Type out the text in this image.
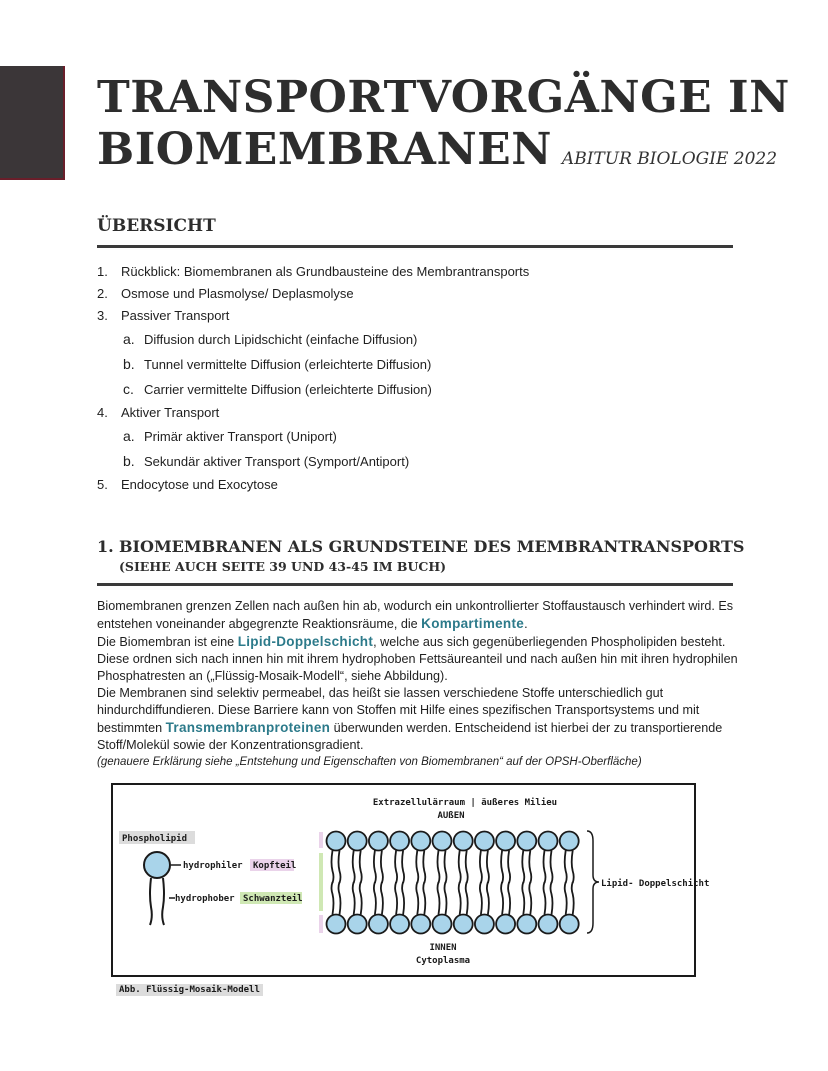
TRANSPORTVORGÄNGE IN
BIOMEMBRANEN ABITUR BIOLOGIE 2022
ÜBERSICHT
1. Rückblick: Biomembranen als Grundbausteine des Membrantransports
2. Osmose und Plasmolyse/ Deplasmolyse
3. Passiver Transport
a. Diffusion durch Lipidschicht (einfache Diffusion)
b. Tunnel vermittelte Diffusion (erleichterte Diffusion)
c. Carrier vermittelte Diffusion (erleichterte Diffusion)
4. Aktiver Transport
a. Primär aktiver Transport (Uniport)
b. Sekundär aktiver Transport (Symport/Antiport)
5. Endocytose und Exocytose
1. BIOMEMBRANEN ALS GRUNDSTEINE DES MEMBRANTRANSPORTS
(SIEHE AUCH SEITE 39 UND 43-45 IM BUCH)

Biomembranen grenzen Zellen nach außen hin ab, wodurch ein unkontrollierter Stoffaustausch verhindert wird. Es entstehen voneinander abgegrenzte Reaktionsräume, die Kompartimente.

Die Biomembran ist eine Lipid-Doppelschicht, welche aus sich gegenüberliegenden Phospholipiden besteht. Diese ordnen sich nach innen hin mit ihrem hydrophoben Fettsäureanteil und nach außen hin mit ihren hydrophilen Phosphatresten an („Flüssig-Mosaik-Modell“, siehe Abbildung).

Die Membranen sind selektiv permeabel, das heißt sie lassen verschiedene Stoffe unterschiedlich gut hindurchdiffundieren. Diese Barriere kann von Stoffen mit Hilfe eines spezifischen Transportsystems und mit bestimmten Transmembranproteinen überwunden werden. Entscheidend ist hierbei der zu transportierende Stoff/Molekül sowie der Konzentrationsgradient.

(genauere Erklärung siehe „Entstehung und Eigenschaften von Biomembranen“ auf der OPSH-Oberfläche)

Extrazellulärraum | äußeres Milieu
AUßEN
Phospholipid
hydrophiler Kopfteil
hydrophober Schwanzteil
Lipid- Doppelschicht
INNEN
Cytoplasma
Abb. Flüssig-Mosaik-Modell
